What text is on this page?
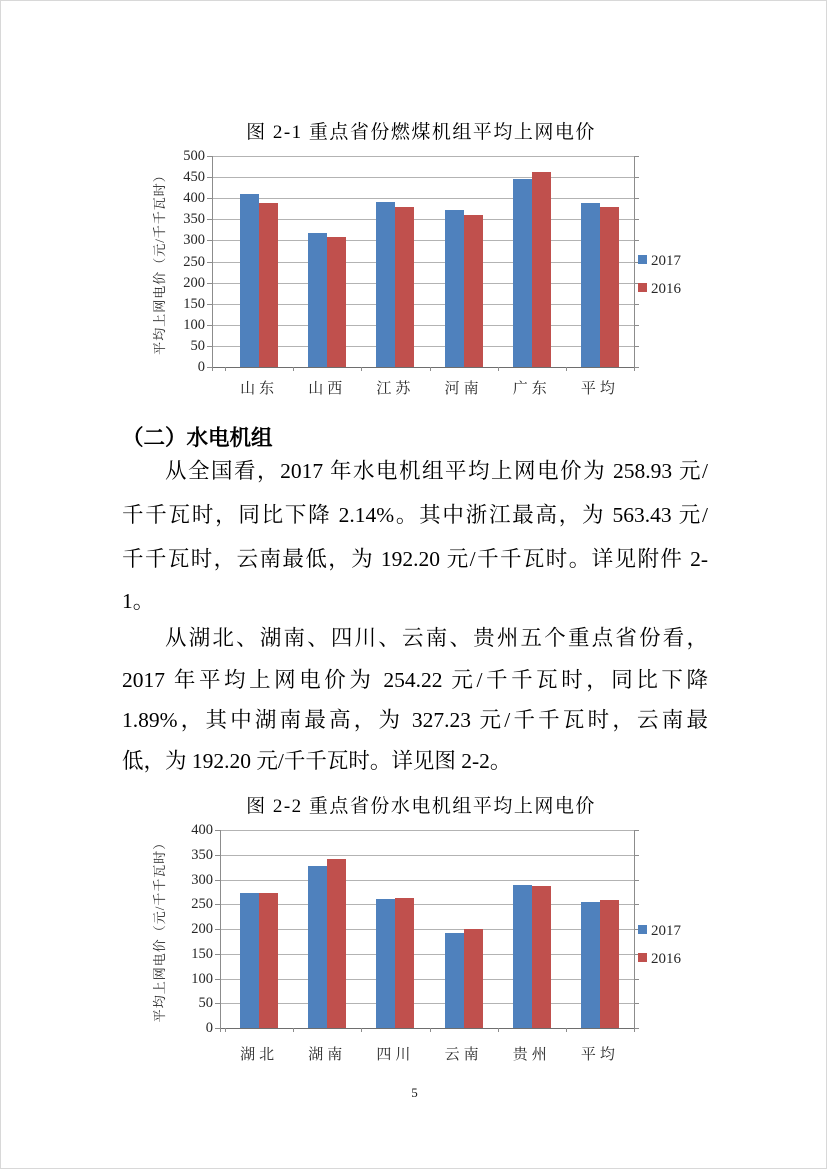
图 2-1 重点省份燃煤机组平均上网电价
平均上网电价（元/千千瓦时）
500
450
400
350
300
250
200
150
100
50
0
山东	山西	江苏	河南	广东	平均
2017
2016
（二）水电机组
从全国看，2017 年水电机组平均上网电价为 258.93 元/
千千瓦时，同比下降 2.14%。其中浙江最高，为 563.43 元/
千千瓦时，云南最低，为 192.20 元/千千瓦时。详见附件 2-
1。
从湖北、湖南、四川、云南、贵州五个重点省份看，
2017 年平均上网电价为 254.22 元/千千瓦时，同比下降
1.89%，其中湖南最高，为 327.23 元/千千瓦时，云南最
低，为 192.20 元/千千瓦时。详见图 2-2。
图 2-2 重点省份水电机组平均上网电价
平均上网电价（元/千千瓦时）
400
350
300
250
200
150
100
50
0
湖北	湖南	四川	云南	贵州	平均
2017
2016
5
